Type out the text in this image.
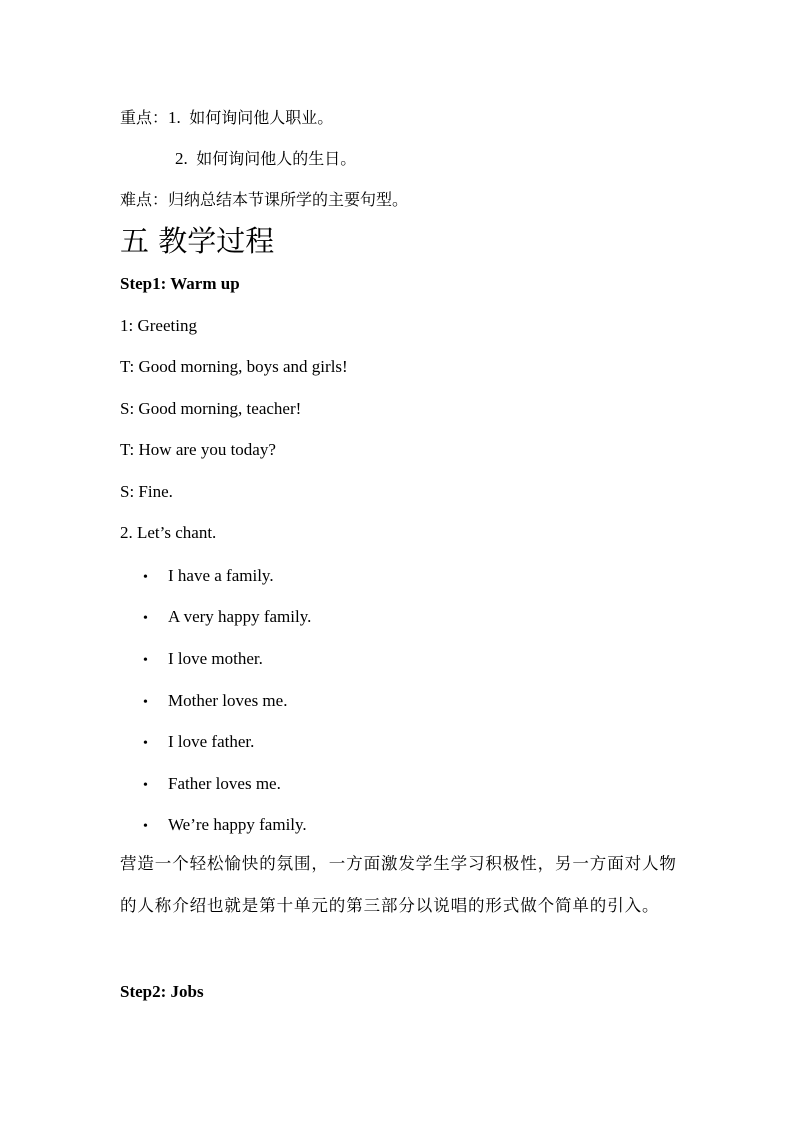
重点：1. 如何询问他人职业。
2. 如何询问他人的生日。
难点：归纳总结本节课所学的主要句型。
五 教学过程
Step1: Warm up
1: Greeting
T: Good morning, boys and girls!
S: Good morning, teacher!
T: How are you today?
S: Fine.
2. Let’s chant.
• I have a family.
• A very happy family.
• I love mother.
• Mother loves me.
• I love father.
• Father loves me.
• We’re happy family.
营造一个轻松愉快的氛围，一方面激发学生学习积极性，另一方面对人物的人称介绍也就是第十单元的第三部分以说唱的形式做个简单的引入。
Step2: Jobs
